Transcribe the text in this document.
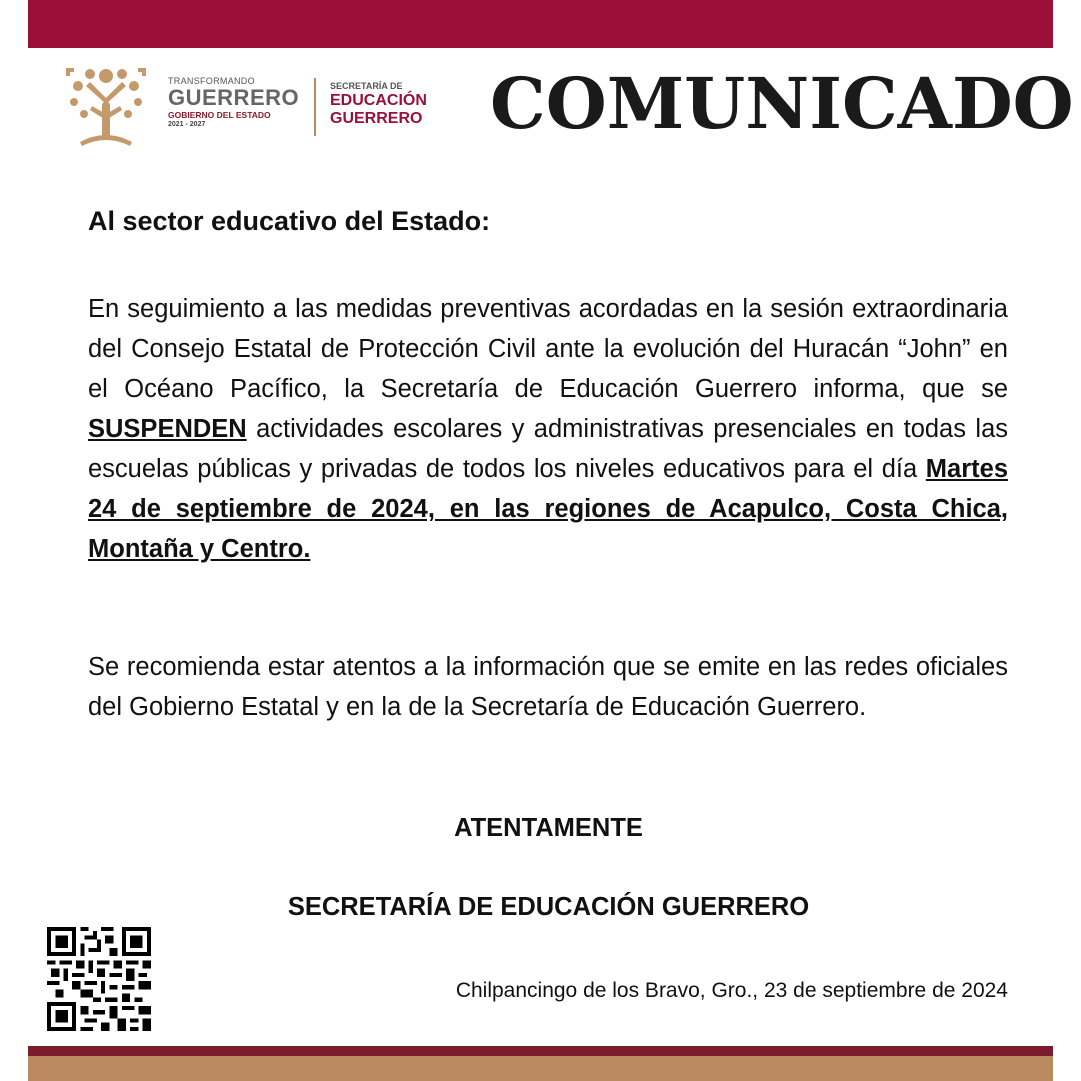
TRANSFORMANDO
GUERRERO
GOBIERNO DEL ESTADO
2021 - 2027
SECRETARÍA DE
EDUCACIÓN
GUERRERO COMUNICADO
Al sector educativo del Estado:
En seguimiento a las medidas preventivas acordadas en la sesión extraordinaria del Consejo Estatal de Protección Civil ante la evolución del Huracán “John” en el Océano Pacífico, la Secretaría de Educación Guerrero informa, que se SUSPENDEN actividades escolares y administrativas presenciales en todas las escuelas públicas y privadas de todos los niveles educativos para el día Martes 24 de septiembre de 2024, en las regiones de Acapulco, Costa Chica, Montaña y Centro.
Se recomienda estar atentos a la información que se emite en las redes oficiales del Gobierno Estatal y en la de la Secretaría de Educación Guerrero.
ATENTAMENTE
SECRETARÍA DE EDUCACIÓN GUERRERO
Chilpancingo de los Bravo, Gro., 23 de septiembre de 2024
